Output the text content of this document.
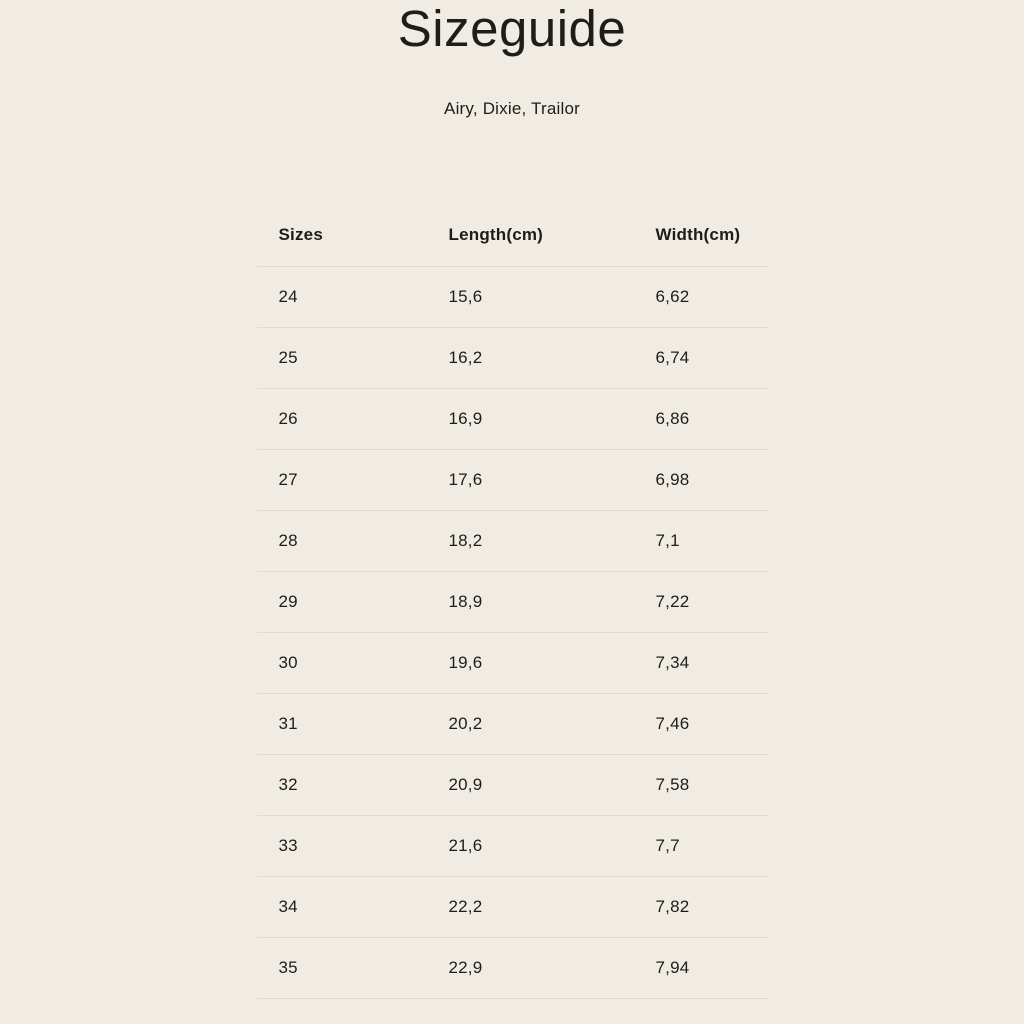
Sizeguide

Airy, Dixie, Trailor

Sizes	Length(cm)	Width(cm)
24	15,6	6,62
25	16,2	6,74
26	16,9	6,86
27	17,6	6,98
28	18,2	7,1
29	18,9	7,22
30	19,6	7,34
31	20,2	7,46
32	20,9	7,58
33	21,6	7,7
34	22,2	7,82
35	22,9	7,94
